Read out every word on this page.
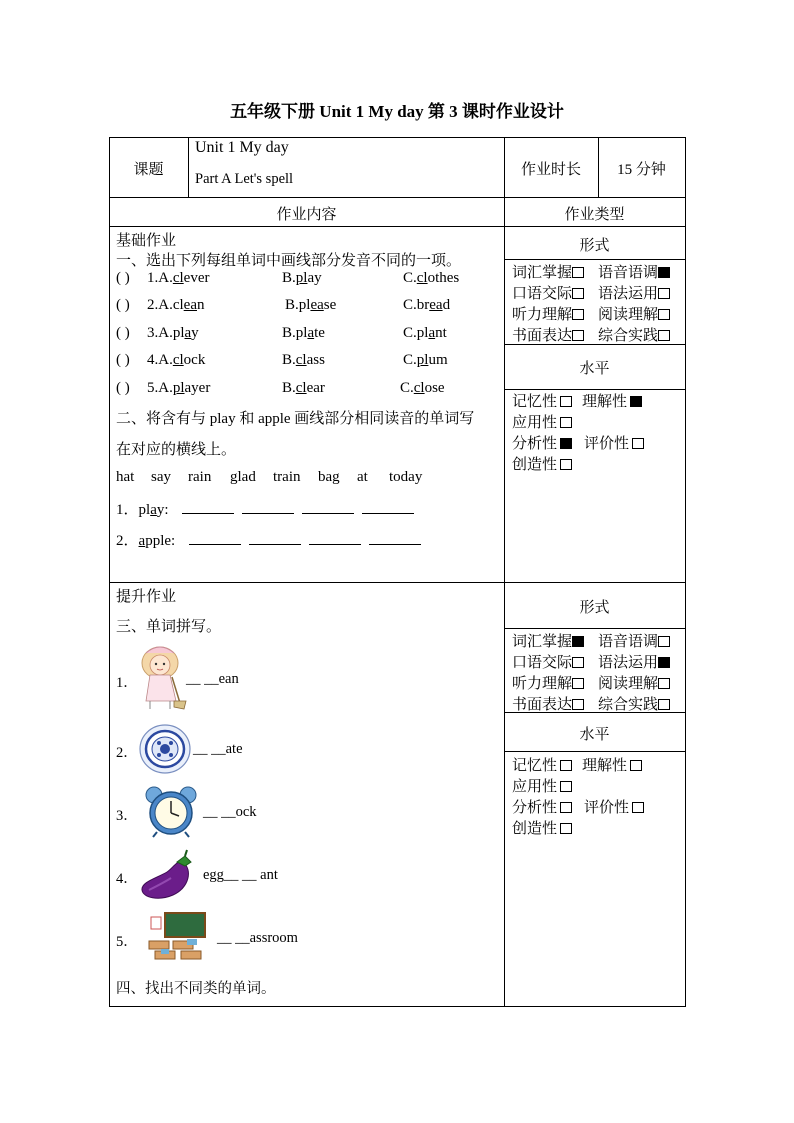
五年级下册 Unit 1 My day 第 3 课时作业设计
课题
Unit 1 My day
Part A Let's spell
作业时长	15 分钟
作业内容	作业类型
基础作业
一、选出下列每组单词中画线部分发音不同的一项。
( ) 1.A.clever	B.play	C.clothes
( ) 2.A.clean	B.please	C.bread
( ) 3.A.play	B.plate	C.plant
( ) 4.A.clock	B.class	C.plum
( ) 5.A.player	B.clear	C.close
二、将含有与 play 和 apple 画线部分相同读音的单词写
在对应的横线上。
hat say rain glad train bag at today
1．play:
2．apple:
提升作业
三、单词拼写。
1．	__ __ean
2．	__ __ate
3．	__ __ock
4．	egg__ __ ant
5．	__ __assroom
四、找出不同类的单词。
形式
词汇掌握	语音语调
口语交际	语法运用
听力理解	阅读理解
书面表达	综合实践
水平
记忆性	理解性
应用性
分析性	评价性
创造性
形式
词汇掌握	语音语调
口语交际	语法运用
听力理解	阅读理解
书面表达	综合实践
水平
记忆性	理解性
应用性
分析性	评价性
创造性
